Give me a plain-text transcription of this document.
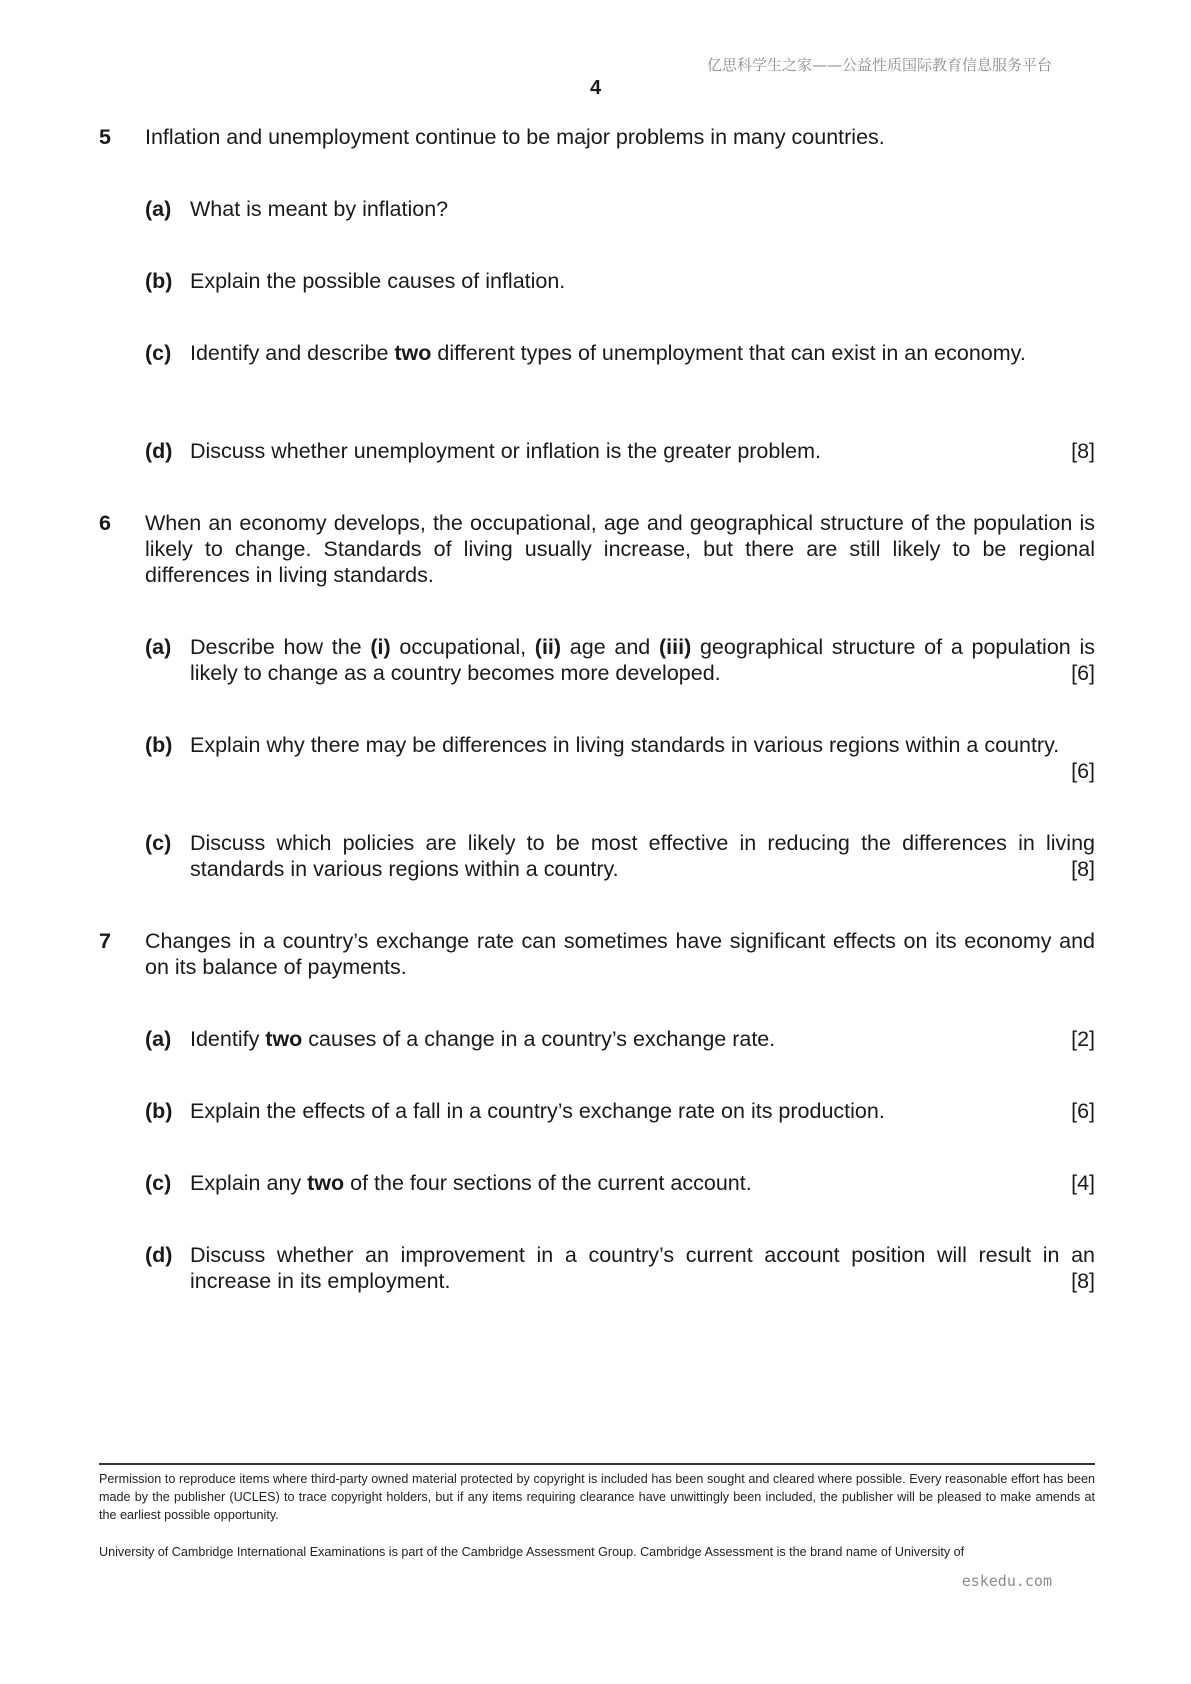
亿思科学生之家——公益性质国际教育信息服务平台
4
5 Inflation and unemployment continue to be major problems in many countries.
(a) What is meant by inflation?
(b) Explain the possible causes of inflation.
(c) Identify and describe two different types of unemployment that can exist in an economy.
(d)	[8]
Discuss whether unemployment or inflation is the greater problem.
6 When an economy develops, the occupational, age and geographical structure of the population is likely to change. Standards of living usually increase, but there are still likely to be regional differences in living standards.
(a) Describe how the (i) occupational, (ii) age and (iii) geographical structure of a population is likely to change as a country becomes more developed.	[6]
(b) Explain why there may be differences in living standards in various regions within a country.
[6]
(c) Discuss which policies are likely to be most effective in reducing the differences in living standards in various regions within a country.	[8]
7 Changes in a country’s exchange rate can sometimes have significant effects on its economy and on its balance of payments.
(a)	[2]
Identify two causes of a change in a country’s exchange rate.
(b)	[6]
Explain the effects of a fall in a country’s exchange rate on its production.
(c)	[4]
Explain any two of the four sections of the current account.
(d) Discuss whether an improvement in a country’s current account position will result in an increase in its employment.	[8]
Permission to reproduce items where third-party owned material protected by copyright is included has been sought and cleared where possible. Every reasonable effort has been made by the publisher (UCLES) to trace copyright holders, but if any items requiring clearance have unwittingly been included, the publisher will be pleased to make amends at the earliest possible opportunity.
University of Cambridge International Examinations is part of the Cambridge Assessment Group. Cambridge Assessment is the brand name of University of
eskedu.com
